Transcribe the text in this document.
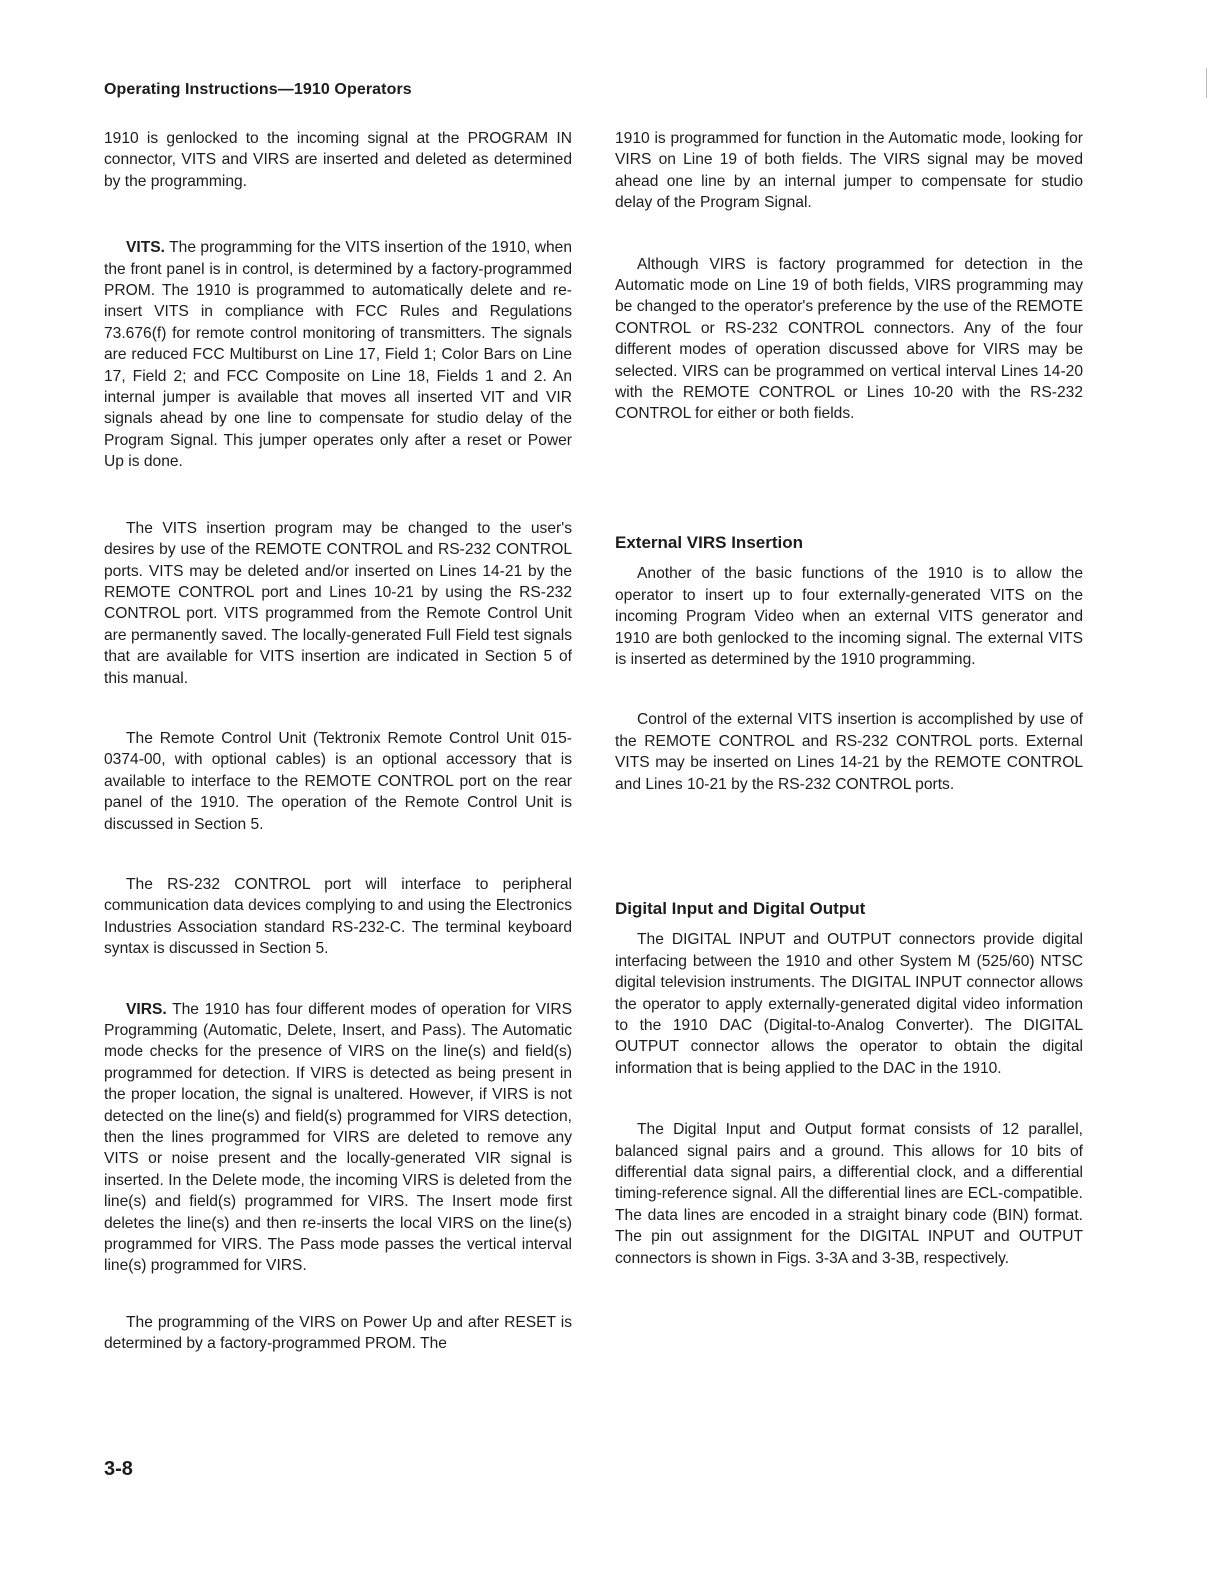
Operating Instructions—1910 Operators

1910 is genlocked to the incoming signal at the PROGRAM IN connector, VITS and VIRS are inserted and deleted as determined by the programming.

VITS. The programming for the VITS insertion of the 1910, when the front panel is in control, is determined by a factory-programmed PROM. The 1910 is programmed to automatically delete and re-insert VITS in compliance with FCC Rules and Regulations 73.676(f) for remote control monitoring of transmitters. The signals are reduced FCC Multiburst on Line 17, Field 1; Color Bars on Line 17, Field 2; and FCC Composite on Line 18, Fields 1 and 2. An internal jumper is available that moves all inserted VIT and VIR signals ahead by one line to compensate for studio delay of the Program Signal. This jumper operates only after a reset or Power Up is done.

The VITS insertion program may be changed to the user's desires by use of the REMOTE CONTROL and RS-232 CONTROL ports. VITS may be deleted and/or inserted on Lines 14-21 by the REMOTE CONTROL port and Lines 10-21 by using the RS-232 CONTROL port. VITS programmed from the Remote Control Unit are permanently saved. The locally-generated Full Field test signals that are available for VITS insertion are indicated in Section 5 of this manual.

The Remote Control Unit (Tektronix Remote Control Unit 015-0374-00, with optional cables) is an optional accessory that is available to interface to the REMOTE CONTROL port on the rear panel of the 1910. The operation of the Remote Control Unit is discussed in Section 5.

The RS-232 CONTROL port will interface to peripheral communication data devices complying to and using the Electronics Industries Association standard RS-232-C. The terminal keyboard syntax is discussed in Section 5.

VIRS. The 1910 has four different modes of operation for VIRS Programming (Automatic, Delete, Insert, and Pass). The Automatic mode checks for the presence of VIRS on the line(s) and field(s) programmed for detection. If VIRS is detected as being present in the proper location, the signal is unaltered. However, if VIRS is not detected on the line(s) and field(s) programmed for VIRS detection, then the lines programmed for VIRS are deleted to remove any VITS or noise present and the locally-generated VIR signal is inserted. In the Delete mode, the incoming VIRS is deleted from the line(s) and field(s) programmed for VIRS. The Insert mode first deletes the line(s) and then re-inserts the local VIRS on the line(s) programmed for VIRS. The Pass mode passes the vertical interval line(s) programmed for VIRS.

The programming of the VIRS on Power Up and after RESET is determined by a factory-programmed PROM. The

1910 is programmed for function in the Automatic mode, looking for VIRS on Line 19 of both fields. The VIRS signal may be moved ahead one line by an internal jumper to compensate for studio delay of the Program Signal.

Although VIRS is factory programmed for detection in the Automatic mode on Line 19 of both fields, VIRS programming may be changed to the operator's preference by the use of the REMOTE CONTROL or RS-232 CONTROL connectors. Any of the four different modes of operation discussed above for VIRS may be selected. VIRS can be programmed on vertical interval Lines 14-20 with the REMOTE CONTROL or Lines 10-20 with the RS-232 CONTROL for either or both fields.

External VIRS Insertion

Another of the basic functions of the 1910 is to allow the operator to insert up to four externally-generated VITS on the incoming Program Video when an external VITS generator and 1910 are both genlocked to the incoming signal. The external VITS is inserted as determined by the 1910 programming.

Control of the external VITS insertion is accomplished by use of the REMOTE CONTROL and RS-232 CONTROL ports. External VITS may be inserted on Lines 14-21 by the REMOTE CONTROL and Lines 10-21 by the RS-232 CONTROL ports.

Digital Input and Digital Output

The DIGITAL INPUT and OUTPUT connectors provide digital interfacing between the 1910 and other System M (525/60) NTSC digital television instruments. The DIGITAL INPUT connector allows the operator to apply externally-generated digital video information to the 1910 DAC (Digital-to-Analog Converter). The DIGITAL OUTPUT connector allows the operator to obtain the digital information that is being applied to the DAC in the 1910.

The Digital Input and Output format consists of 12 parallel, balanced signal pairs and a ground. This allows for 10 bits of differential data signal pairs, a differential clock, and a differential timing-reference signal. All the differential lines are ECL-compatible. The data lines are encoded in a straight binary code (BIN) format. The pin out assignment for the DIGITAL INPUT and OUTPUT connectors is shown in Figs. 3-3A and 3-3B, respectively.

3-8
